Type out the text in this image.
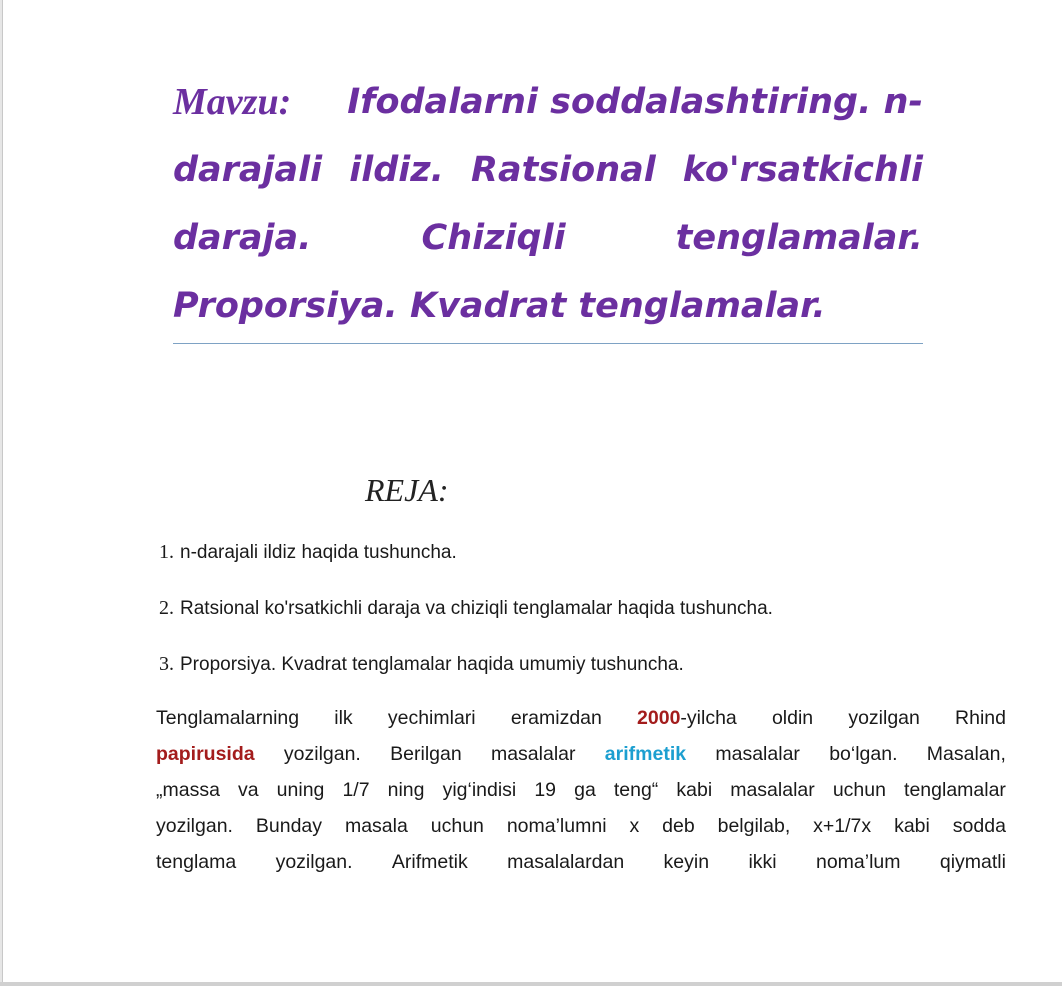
Mavzu: Ifodalarni soddalashtiring. n-
darajali ildiz. Ratsional ko'rsatkichli
daraja.	Chiziqli	tenglamalar.
Proporsiya. Kvadrat tenglamalar.
REJA:
1. n-darajali ildiz haqida tushuncha.
2. Ratsional ko'rsatkichli daraja va chiziqli tenglamalar haqida tushuncha.
3. Proporsiya. Kvadrat tenglamalar haqida umumiy tushuncha.
Tenglamalarning ilk yechimlari eramizdan 2000-yilcha oldin yozilgan Rhind
papirusida yozilgan. Berilgan masalalar arifmetik masalalar bo‘lgan. Masalan,
„massa va uning 1/7 ning yig‘indisi 19 ga teng“ kabi masalalar uchun tenglamalar
yozilgan. Bunday masala uchun noma’lumni x deb belgilab, x+1/7x kabi sodda
tenglama yozilgan. Arifmetik masalalardan keyin ikki noma’lum qiymatli
